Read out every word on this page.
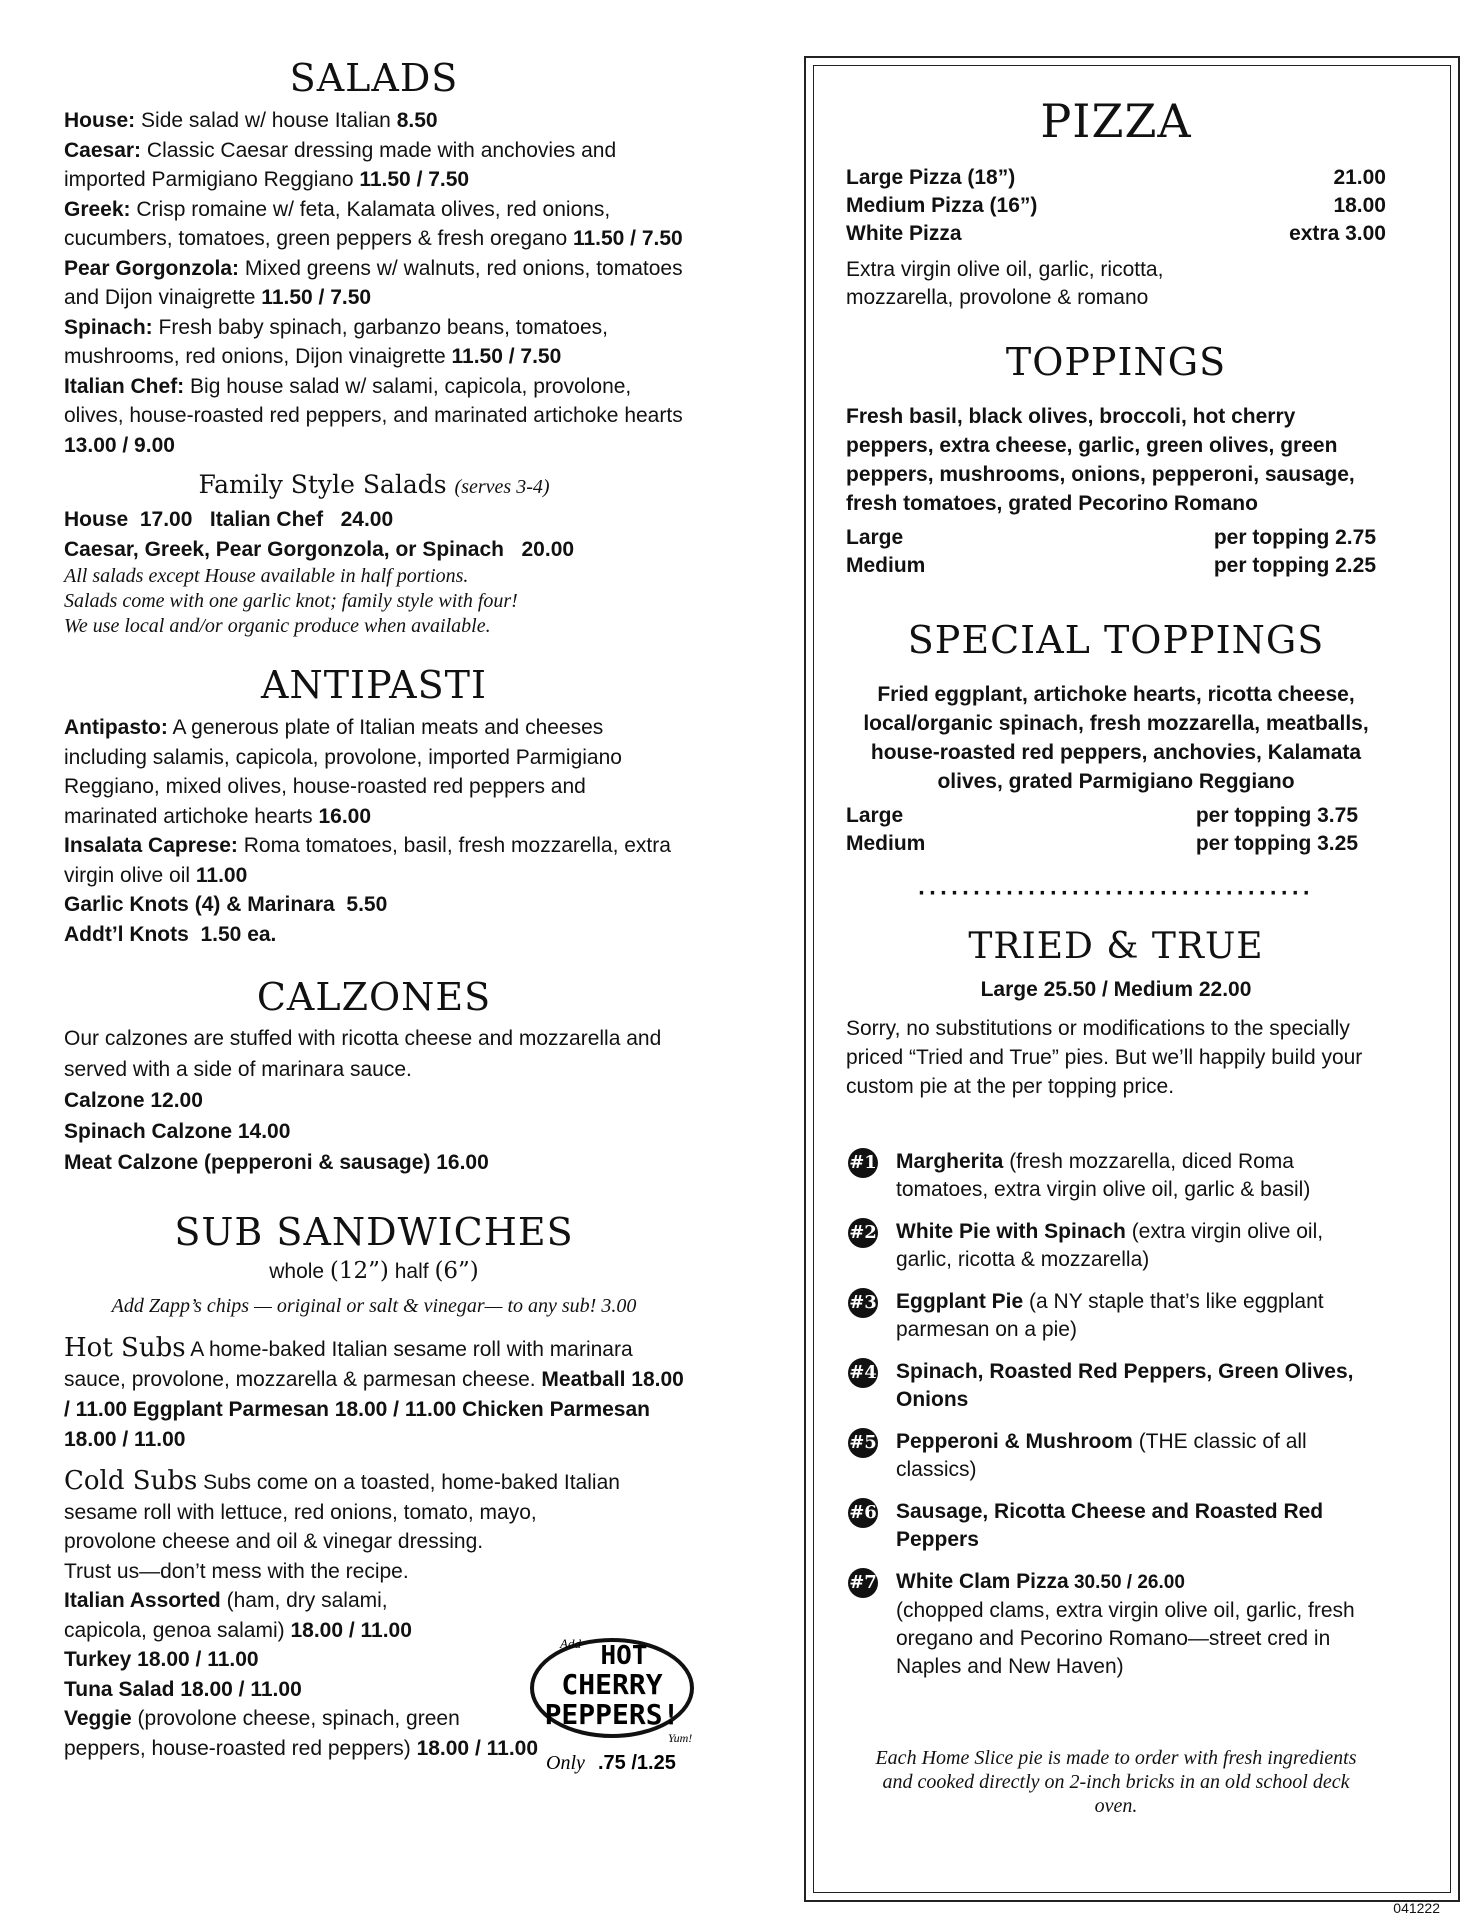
SALADS
House: Side salad w/ house Italian 8.50
Caesar: Classic Caesar dressing made with anchovies and imported Parmigiano Reggiano 11.50 / 7.50
Greek: Crisp romaine w/ feta, Kalamata olives, red onions, cucumbers, tomatoes, green peppers & fresh oregano 11.50 / 7.50
Pear Gorgonzola: Mixed greens w/ walnuts, red onions, tomatoes and Dijon vinaigrette 11.50 / 7.50
Spinach: Fresh baby spinach, garbanzo beans, tomatoes, mushrooms, red onions, Dijon vinaigrette 11.50 / 7.50
Italian Chef: Big house salad w/ salami, capicola, provolone, olives, house-roasted red peppers, and marinated artichoke hearts 13.00 / 9.00
Family Style Salads (serves 3-4)
House  17.00   Italian Chef   24.00
Caesar, Greek, Pear Gorgonzola, or Spinach   20.00
All salads except House available in half portions.
Salads come with one garlic knot; family style with four!
We use local and/or organic produce when available.
ANTIPASTI
Antipasto: A generous plate of Italian meats and cheeses including salamis, capicola, provolone, imported Parmigiano Reggiano, mixed olives, house-roasted red peppers and marinated artichoke hearts 16.00
Insalata Caprese: Roma tomatoes, basil, fresh mozzarella, extra virgin olive oil 11.00
Garlic Knots (4) & Marinara 5.50
Addt’l Knots 1.50 ea.
CALZONES
Our calzones are stuffed with ricotta cheese and mozzarella and served with a side of marinara sauce.
Calzone 12.00
Spinach Calzone 14.00
Meat Calzone (pepperoni & sausage) 16.00
SUB SANDWICHES
whole (12”) half (6”)
Add Zapp’s chips — original or salt & vinegar— to any sub! 3.00
Hot Subs A home-baked Italian sesame roll with marinara sauce, provolone, mozzarella & parmesan cheese. Meatball 18.00 / 11.00 Eggplant Parmesan 18.00 / 11.00 Chicken Parmesan 18.00 / 11.00
Cold Subs Subs come on a toasted, home-baked Italian
sesame roll with lettuce, red onions, tomato, mayo,
provolone cheese and oil & vinegar dressing.
Trust us—don’t mess with the recipe.
Italian Assorted (ham, dry salami,
capicola, genoa salami) 18.00 / 11.00
Turkey 18.00 / 11.00
Tuna Salad 18.00 / 11.00
Veggie (provolone cheese, spinach, green
peppers, house-roasted red peppers) 18.00 / 11.00
Add HOT
CHERRY
PEPPERS!
Yum!
Only .75 /1.25
PIZZA
Large Pizza (18”)	21.00
Medium Pizza (16”)	18.00
White Pizza	extra 3.00
Extra virgin olive oil, garlic, ricotta,
mozzarella, provolone & romano
TOPPINGS
Fresh basil, black olives, broccoli, hot cherry peppers, extra cheese, garlic, green olives, green peppers, mushrooms, onions, pepperoni, sausage, fresh tomatoes, grated Pecorino Romano
Large	per topping 2.75
Medium	per topping 2.25
SPECIAL TOPPINGS
Fried eggplant, artichoke hearts, ricotta cheese, local/organic spinach, fresh mozzarella, meatballs, house-roasted red peppers, anchovies, Kalamata olives, grated Parmigiano Reggiano
Large	per topping 3.75
Medium	per topping 3.25
····································
TRIED & TRUE
Large 25.50 / Medium 22.00
Sorry, no substitutions or modifications to the specially priced “Tried and True” pies. But we’ll happily build your custom pie at the per topping price.
#1 Margherita (fresh mozzarella, diced Roma tomatoes, extra virgin olive oil, garlic & basil)
#2 White Pie with Spinach (extra virgin olive oil, garlic, ricotta & mozzarella)
#3 Eggplant Pie (a NY staple that’s like eggplant parmesan on a pie)
#4 Spinach, Roasted Red Peppers, Green Olives, Onions
#5 Pepperoni & Mushroom (THE classic of all classics)
#6 Sausage, Ricotta Cheese and Roasted Red Peppers
#7 White Clam Pizza 30.50 / 26.00
(chopped clams, extra virgin olive oil, garlic, fresh oregano and Pecorino Romano—street cred in Naples and New Haven)
Each Home Slice pie is made to order with fresh ingredients and cooked directly on 2-inch bricks in an old school deck oven.
041222
